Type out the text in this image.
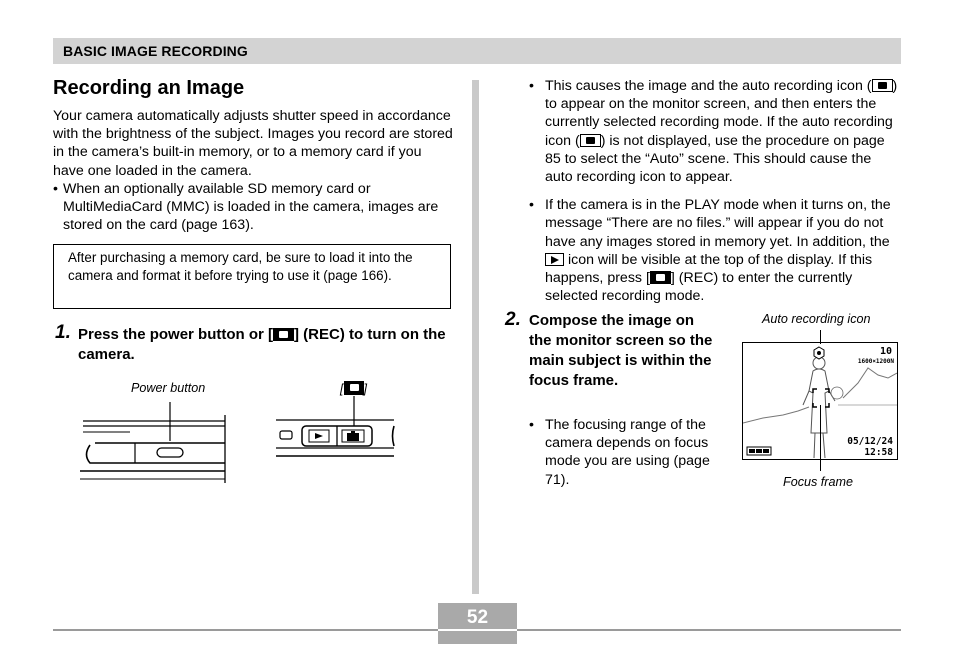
BASIC IMAGE RECORDING
Recording an Image
Your camera automatically adjusts shutter speed in accordance with the brightness of the subject. Images you record are stored in the camera’s built-in memory, or to a memory card if you have one loaded in the camera.
• When an optionally available SD memory card or MultiMediaCard (MMC) is loaded in the camera, images are stored on the card (page 163).
After purchasing a memory card, be sure to load it into the camera and format it before trying to use it (page 166).
1. Press the power button or [ ] (REC) to turn on the camera.
Power button	[ ]
• This causes the image and the auto recording icon ( ) to appear on the monitor screen, and then enters the currently selected recording mode. If the auto recording icon ( ) is not displayed, use the procedure on page 85 to select the “Auto” scene. This should cause the auto recording icon to appear.
• If the camera is in the PLAY mode when it turns on, the message “There are no files.” will appear if you do not have any images stored in memory yet. In addition, the
icon will be visible at the top of the display. If this happens, press [ ] (REC) to enter the currently selected recording mode.
2. Compose the image on the monitor screen so the main subject is within the focus frame.
• The focusing range of the camera depends on focus mode you are using (page 71).
Auto recording icon
Focus frame
10
1600×1200N
05/12/24
12:58
52
